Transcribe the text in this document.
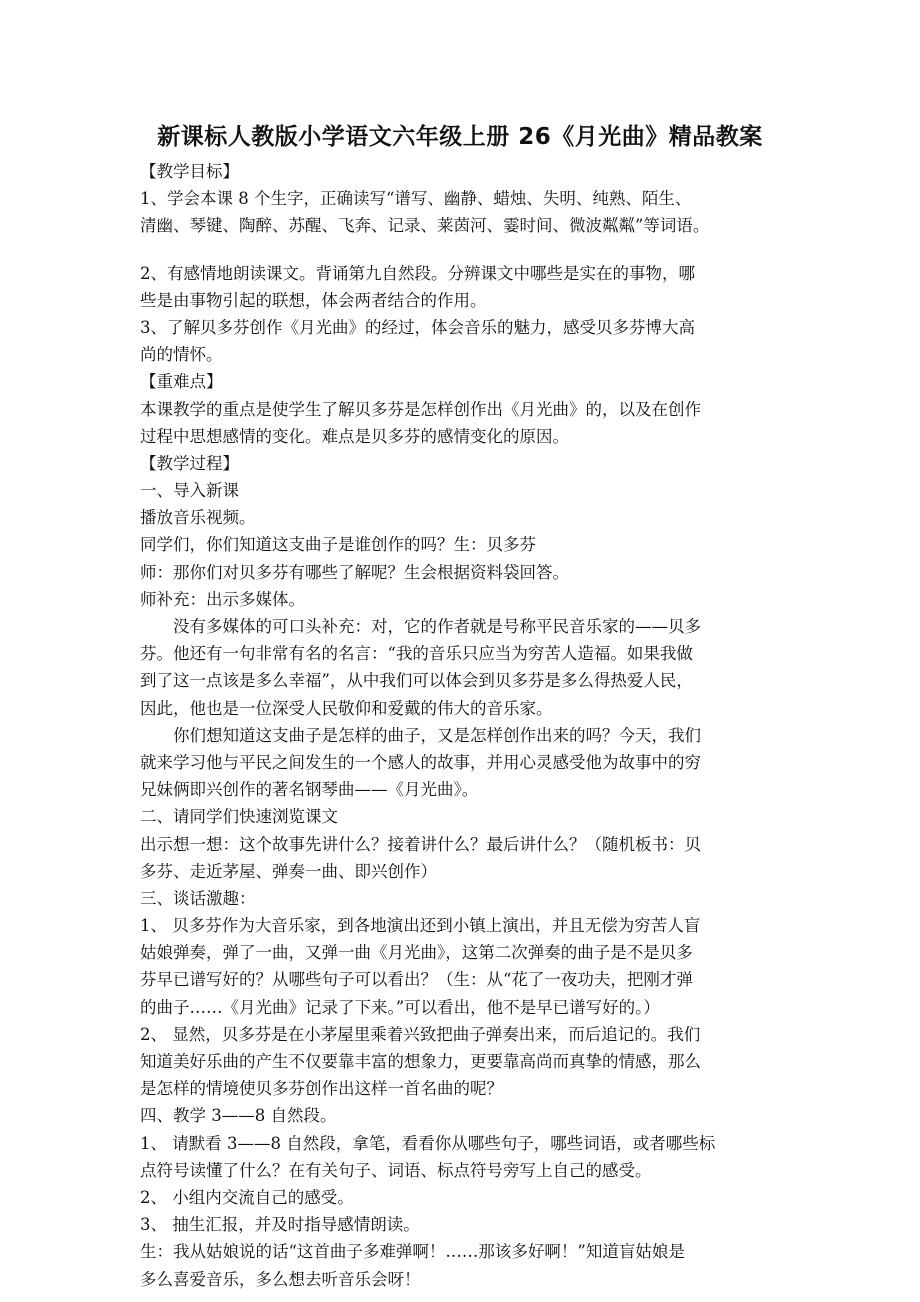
新课标人教版小学语文六年级上册 26《月光曲》精品教案
【教学目标】
1、学会本课 8 个生字，正确读写“谱写、幽静、蜡烛、失明、纯熟、陌生、
清幽、琴键、陶醉、苏醒、飞奔、记录、莱茵河、霎时间、微波粼粼”等词语。
2、有感情地朗读课文。背诵第九自然段。分辨课文中哪些是实在的事物，哪
些是由事物引起的联想，体会两者结合的作用。
3、了解贝多芬创作《月光曲》的经过，体会音乐的魅力，感受贝多芬博大高
尚的情怀。
【重难点】
本课教学的重点是使学生了解贝多芬是怎样创作出《月光曲》的，以及在创作
过程中思想感情的变化。难点是贝多芬的感情变化的原因。
【教学过程】
一、导入新课
播放音乐视频。
同学们，你们知道这支曲子是谁创作的吗？生：贝多芬
师：那你们对贝多芬有哪些了解呢？生会根据资料袋回答。
师补充：出示多媒体。
没有多媒体的可口头补充：对，它的作者就是号称平民音乐家的——贝多
芬。他还有一句非常有名的名言：“我的音乐只应当为穷苦人造福。如果我做
到了这一点该是多么幸福”，从中我们可以体会到贝多芬是多么得热爱人民，
因此，他也是一位深受人民敬仰和爱戴的伟大的音乐家。
你们想知道这支曲子是怎样的曲子，又是怎样创作出来的吗？今天，我们
就来学习他与平民之间发生的一个感人的故事，并用心灵感受他为故事中的穷
兄妹俩即兴创作的著名钢琴曲——《月光曲》。
二、请同学们快速浏览课文
出示想一想：这个故事先讲什么？接着讲什么？最后讲什么？（随机板书：贝
多芬、走近茅屋、弹奏一曲、即兴创作）
三、谈话激趣：
1、 贝多芬作为大音乐家，到各地演出还到小镇上演出，并且无偿为穷苦人盲
姑娘弹奏，弹了一曲，又弹一曲《月光曲》，这第二次弹奏的曲子是不是贝多
芬早已谱写好的？从哪些句子可以看出？（生：从“花了一夜功夫，把刚才弹
的曲子……《月光曲》记录了下来。”可以看出，他不是早已谱写好的。）
2、 显然，贝多芬是在小茅屋里乘着兴致把曲子弹奏出来，而后追记的。我们
知道美好乐曲的产生不仅要靠丰富的想象力，更要靠高尚而真挚的情感，那么
是怎样的情境使贝多芬创作出这样一首名曲的呢？
四、教学 3——8 自然段。
1、 请默看 3——8 自然段，拿笔，看看你从哪些句子，哪些词语，或者哪些标
点符号读懂了什么？在有关句子、词语、标点符号旁写上自己的感受。
2、 小组内交流自己的感受。
3、 抽生汇报，并及时指导感情朗读。
生：我从姑娘说的话“这首曲子多难弹啊！……那该多好啊！”知道盲姑娘是
多么喜爱音乐，多么想去听音乐会呀！
